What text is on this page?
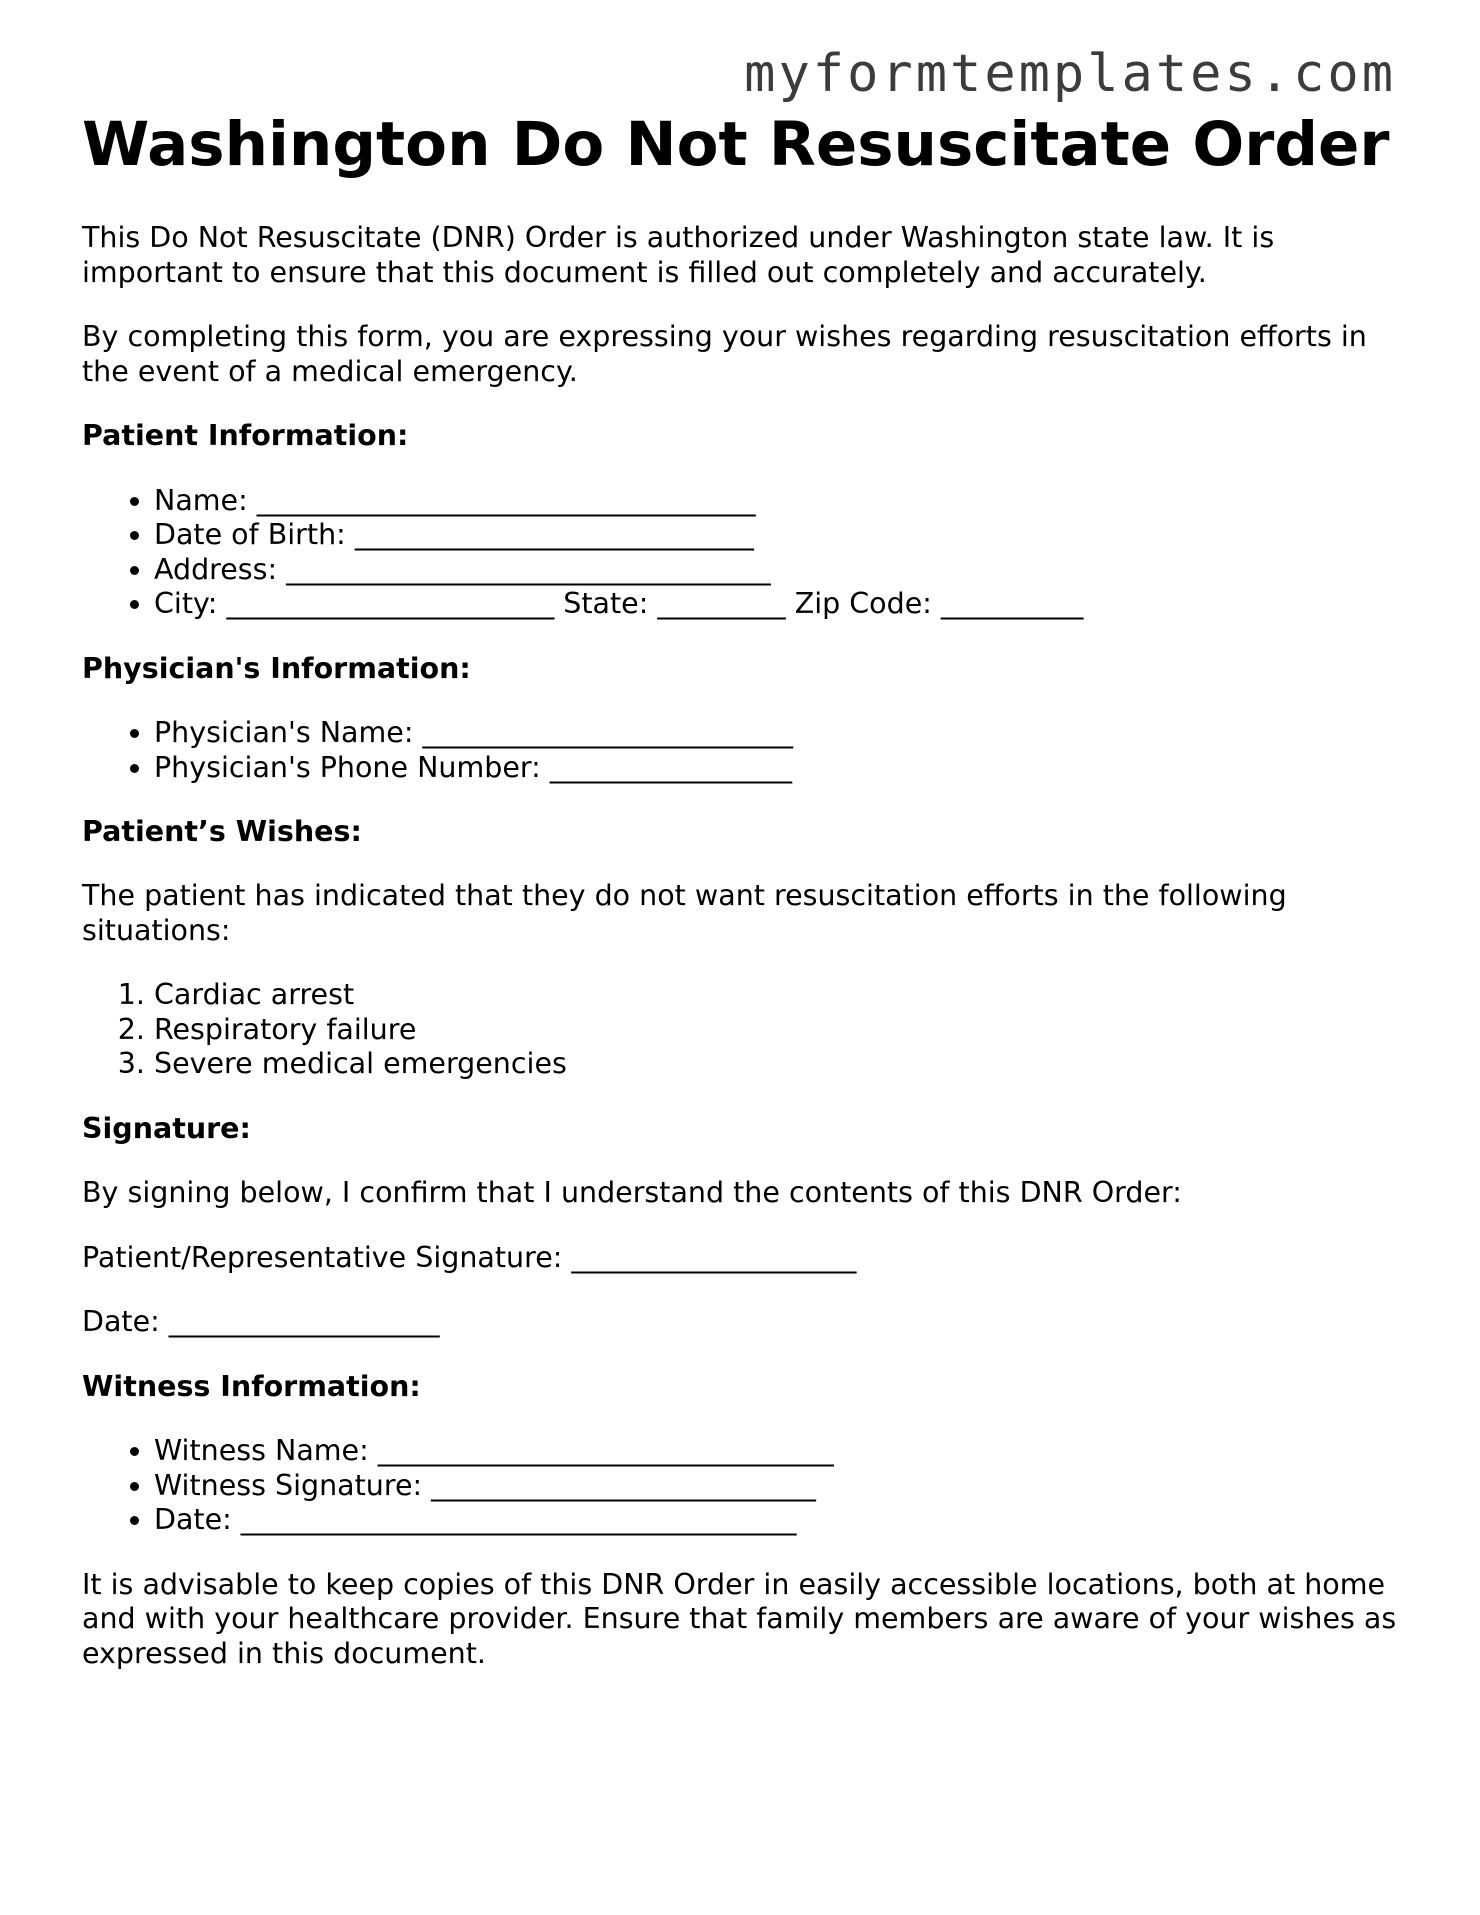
myformtemplates.com
Washington Do Not Resuscitate Order

This Do Not Resuscitate (DNR) Order is authorized under Washington state law. It is important to ensure that this document is filled out completely and accurately.

By completing this form, you are expressing your wishes regarding resuscitation efforts in the event of a medical emergency.

Patient Information:
• Name: ___________________________________
• Date of Birth: ____________________________
• Address: __________________________________
• City: _______________________ State: _________ Zip Code: __________
Physician's Information:
• Physician's Name: __________________________
• Physician's Phone Number: _________________
Patient’s Wishes:

The patient has indicated that they do not want resuscitation efforts in the following situations:

1. Cardiac arrest
2. Respiratory failure
3. Severe medical emergencies
Signature:

By signing below, I confirm that I understand the contents of this DNR Order:

Patient/Representative Signature: ____________________

Date: ___________________

Witness Information:
• Witness Name: ________________________________
• Witness Signature: ___________________________
• Date: _______________________________________

It is advisable to keep copies of this DNR Order in easily accessible locations, both at home and with your healthcare provider. Ensure that family members are aware of your wishes as expressed in this document.
